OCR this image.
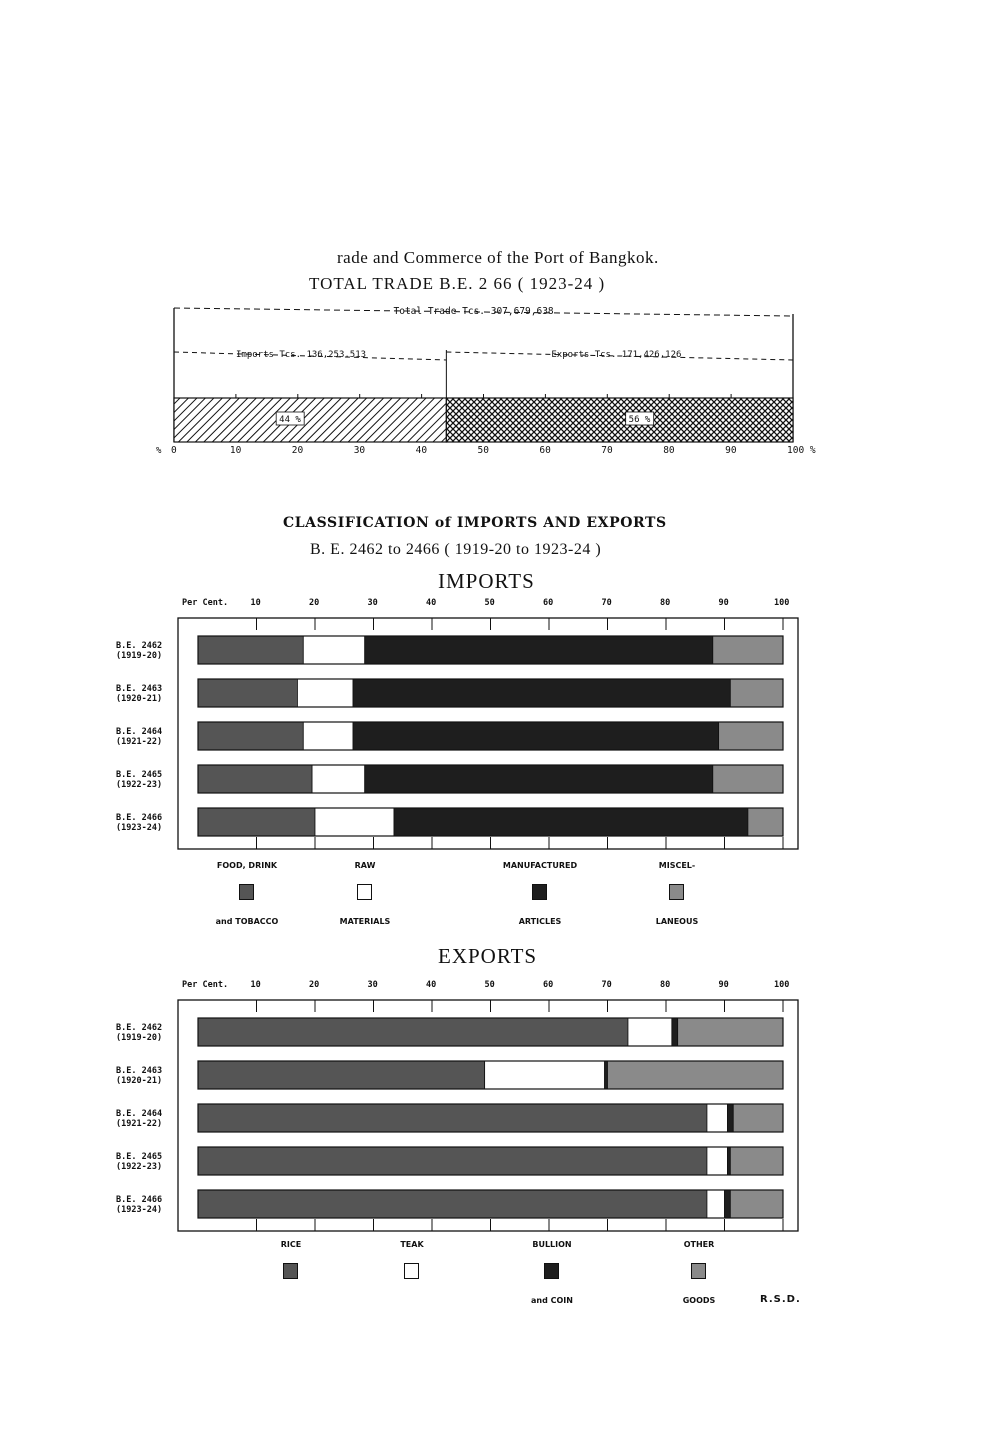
rade and Commerce of the Port of Bangkok.
TOTAL TRADE B.E. 2 66 ( 1923-24 )
Total Trade Tcs. 307,679,638
Imports Tcs. 136,253.513
44 %
Exports Tcs. 171,426,126
56 %
0	10	20	30	40	50	60	70	80	90	100 %
%
CLASSIFICATION of IMPORTS AND EXPORTS
B. E. 2462 to 2466 ( 1919-20 to 1923-24 )
IMPORTS
EXPORTS
Per Cent.	10	20	30	40	50	60	70	80	90	100
B.E. 2462
(1919-20)
B.E. 2463
(1920-21)
B.E. 2464
(1921-22)
B.E. 2465
(1922-23)
B.E. 2466
(1923-24)
FOOD, DRINK
and TOBACCO
RAW
MATERIALS
MANUFACTURED
ARTICLES
MISCEL-
LANEOUS
Per Cent.	10	20	30	40	50	60	70	80	90	100
B.E. 2462
(1919-20)
B.E. 2463
(1920-21)
B.E. 2464
(1921-22)
B.E. 2465
(1922-23)
B.E. 2466
(1923-24)
RICE	TEAK	BULLION
and COIN
OTHER
GOODS	R.S.D.
